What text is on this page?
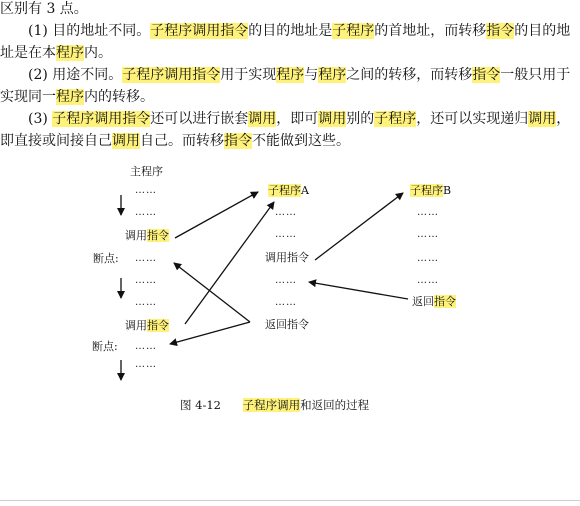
区别有 3 点。

(1) 目的地址不同。子程序调用指令的目的地址是子程序的首地址，而转移指令的目的地址是在本程序内。

(2) 用途不同。子程序调用指令用于实现程序与程序之间的转移，而转移指令一般只用于实现同一程序内的转移。

(3) 子程序调用指令还可以进行嵌套调用，即可调用别的子程序，还可以实现递归调用，即直接或间接自己调用自己。而转移指令不能做到这些。

主程序
……
……
调用指令
断点: ……
……
……
调用指令
断点: ……
……
子程序A
……
……
调用指令
……
……
返回指令
子程序B
……
……
……
……
返回指令
图 4-12 子程序调用和返回的过程
